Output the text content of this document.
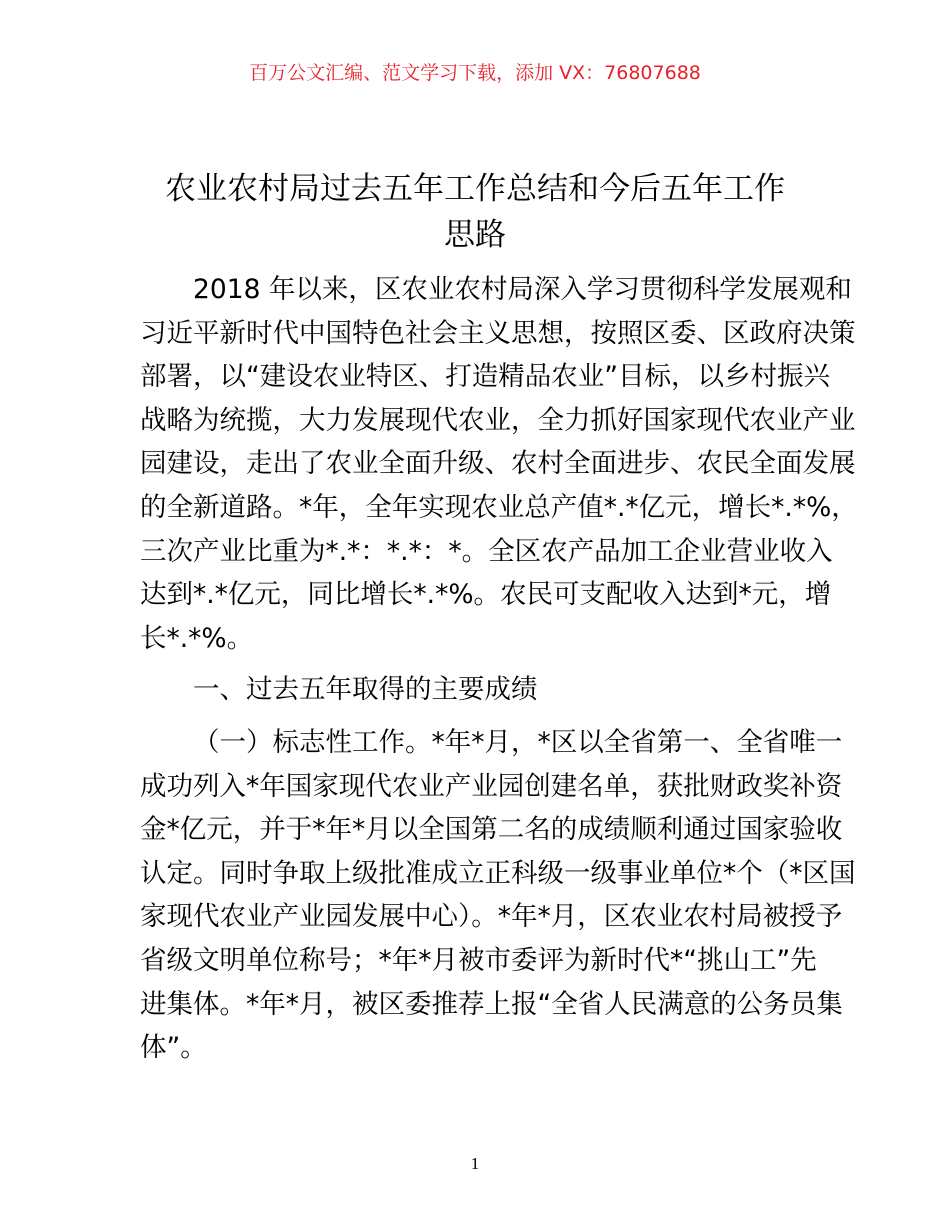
百万公文汇编、范文学习下载，添加 VX：76807688
农业农村局过去五年工作总结和今后五年工作
思路
2018 年以来，区农业农村局深入学习贯彻科学发展观和
习近平新时代中国特色社会主义思想，按照区委、区政府决策
部署，以“建设农业特区、打造精品农业”目标，以乡村振兴
战略为统揽，大力发展现代农业，全力抓好国家现代农业产业
园建设，走出了农业全面升级、农村全面进步、农民全面发展
的全新道路。*年，全年实现农业总产值*.*亿元，增长*.*%，
三次产业比重为*.*：*.*：*。全区农产品加工企业营业收入
达到*.*亿元，同比增长*.*%。农民可支配收入达到*元，增
长*.*%。
一、过去五年取得的主要成绩
（一）标志性工作。*年*月，*区以全省第一、全省唯一
成功列入*年国家现代农业产业园创建名单，获批财政奖补资
金*亿元，并于*年*月以全国第二名的成绩顺利通过国家验收
认定。同时争取上级批准成立正科级一级事业单位*个（*区国
家现代农业产业园发展中心）。*年*月，区农业农村局被授予
省级文明单位称号；*年*月被市委评为新时代*“挑山工”先
进集体。*年*月，被区委推荐上报“全省人民满意的公务员集
体”。
1
